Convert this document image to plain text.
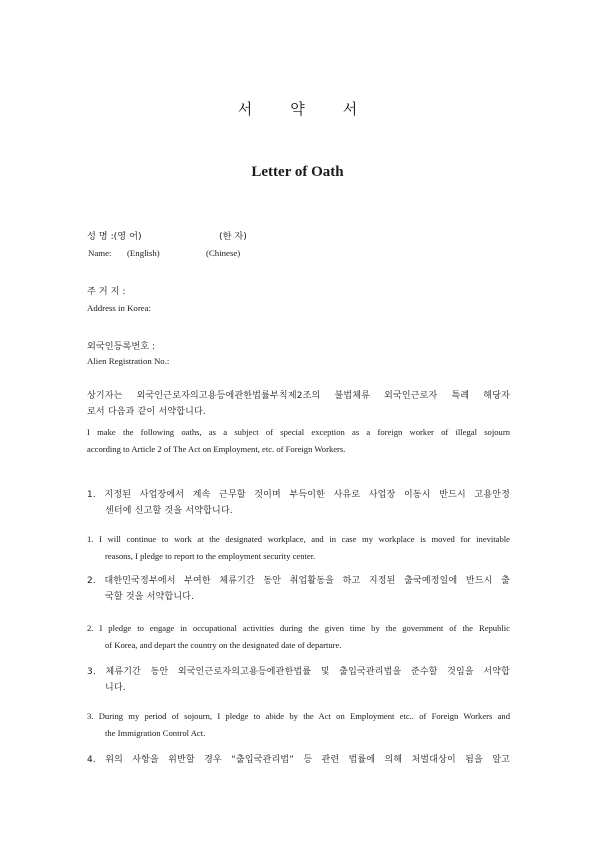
서	약	서
Letter of Oath
성 명 :(영 어)	(한 자)
Name: (English)	(Chinese)
주 거 지 :
Address in Korea:
외국인등록번호 :
Alien Registration No.:
상기자는 외국인근로자의고용등에관한법률부칙제2조의 불법체류 외국인근로자 특례 해당자
로서 다음과 같이 서약합니다.
I make the following oaths, as a subject of special exception as a foreign worker of illegal sojourn
according to Article 2 of The Act on Employment, etc. of Foreign Workers.
1. 지정된 사업장에서 계속 근무할 것이며 부득이한 사유로 사업장 이동시 반드시 고용안정
센터에 신고할 것을 서약합니다.
1. I will continue to work at the designated workplace, and in case my workplace is moved for inevitable
reasons, I pledge to report to the employment security center.
2. 대한민국정부에서 부여한 체류기간 동안 취업활동을 하고 지정된 출국예정일에 반드시 출
국할 것을 서약합니다.
2. I pledge to engage in occupational activities during the given time by the government of the Republic
of Korea, and depart the country on the designated date of departure.
3. 체류기간 동안 외국인근로자의고용등에관한법률 및 출입국관리법을 준수할 것임을 서약합
니다.
3. During my period of sojourn, I pledge to abide by the Act on Employment etc.. of Foreign Workers and
the Immigration Control Act.
4. 위의 사항을 위반할 경우 “출입국관리법” 등 관련 법률에 의해 처벌대상이 됨을 알고
